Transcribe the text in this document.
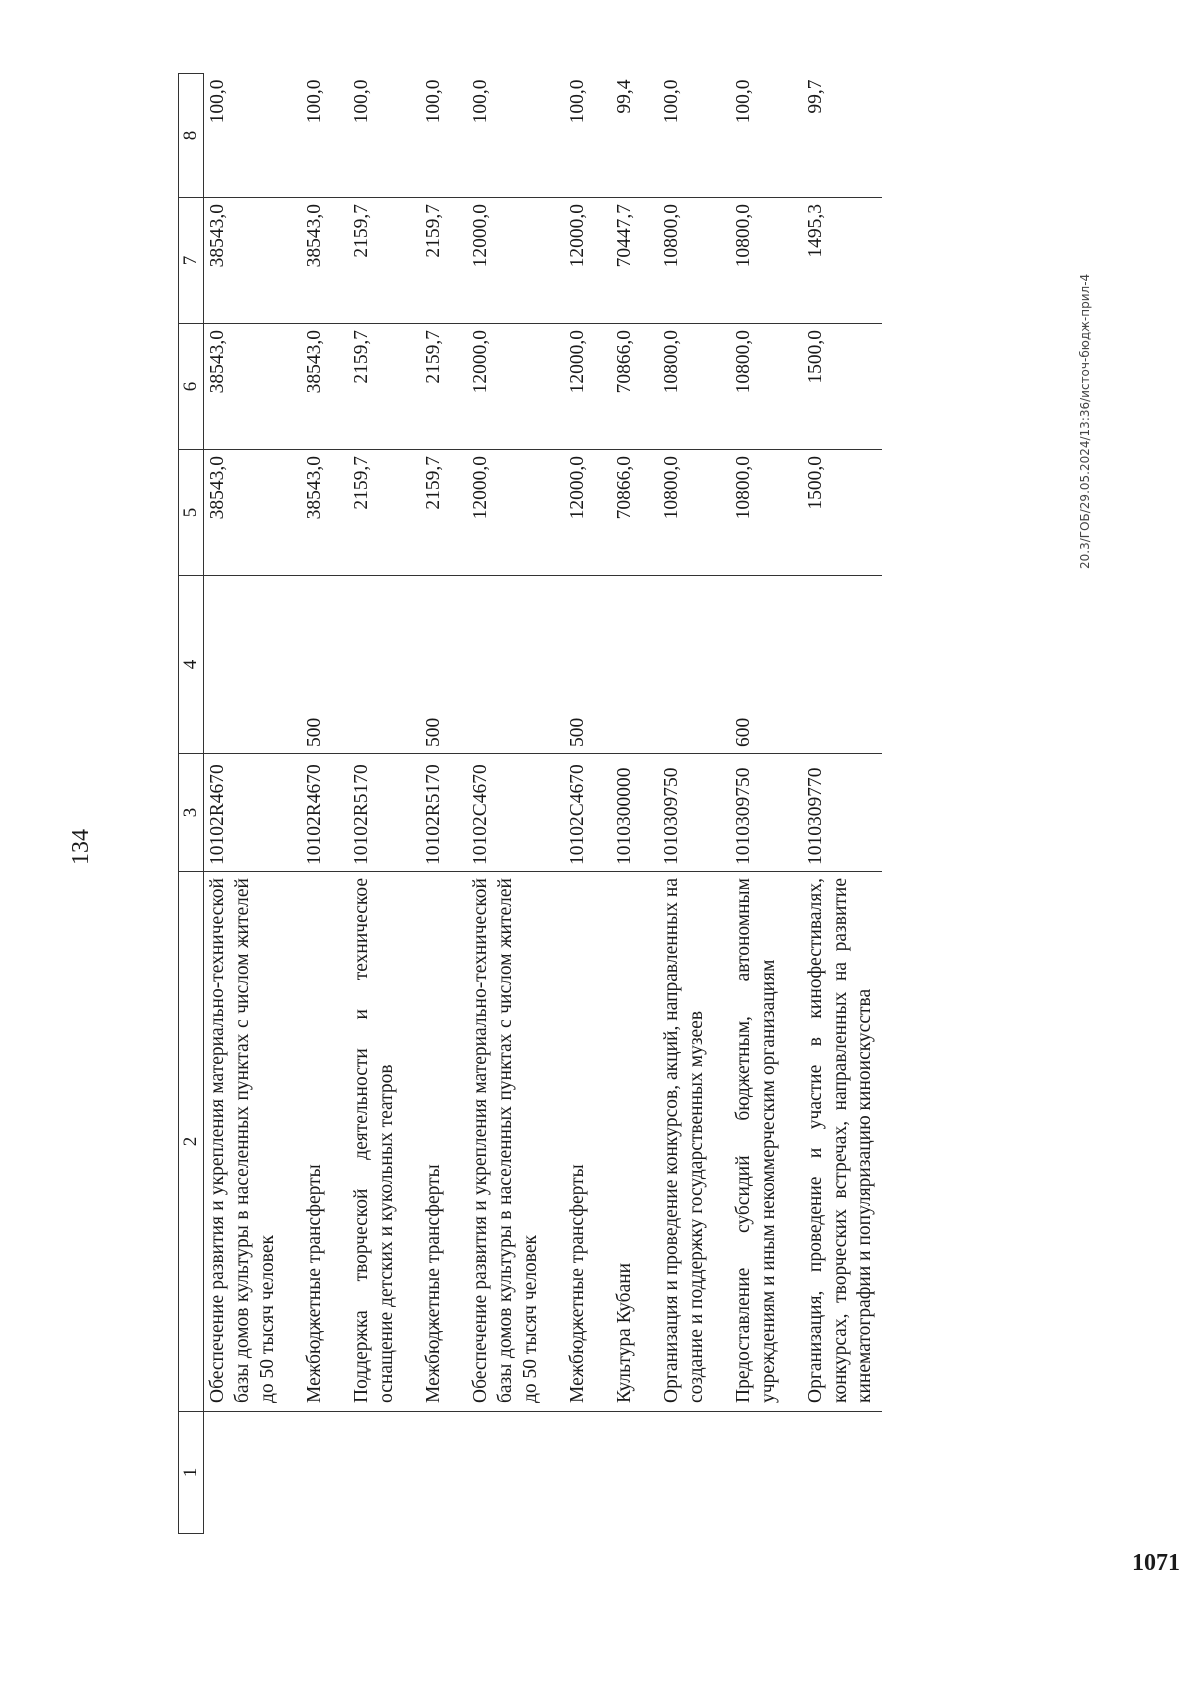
134
1	2	3	4	5	6	7	8
	Обеспечение развития и укрепления материально-технической базы домов культуры в населенных пунктах с числом жителей до 50 тысяч человек	10102R4670		38543,0	38543,0	38543,0	100,0
	Межбюджетные трансферты	10102R4670	500	38543,0	38543,0	38543,0	100,0
	Поддержка творческой деятельности и техническое оснащение детских и кукольных театров	10102R5170		2159,7	2159,7	2159,7	100,0
	Межбюджетные трансферты	10102R5170	500	2159,7	2159,7	2159,7	100,0
	Обеспечение развития и укрепления материально-технической базы домов культуры в населенных пунктах с числом жителей до 50 тысяч человек	10102C4670		12000,0	12000,0	12000,0	100,0
	Межбюджетные трансферты	10102C4670	500	12000,0	12000,0	12000,0	100,0
	Культура Кубани	1010300000		70866,0	70866,0	70447,7	99,4
	Организация и проведение конкурсов, акций, направленных на создание и поддержку государственных музеев	1010309750		10800,0	10800,0	10800,0	100,0
	Предоставление субсидий бюджетным, автономным учреждениям и иным некоммерческим организациям	1010309750	600	10800,0	10800,0	10800,0	100,0
	Организация, проведение и участие в кинофестивалях, конкурсах, творческих встречах, направленных на развитие кинематографии и популяризацию киноискусства	1010309770		1500,0	1500,0	1495,3	99,7
20.3/ГОБ/29.05.2024/13:36/источ-бюдж-прил-4
1071
